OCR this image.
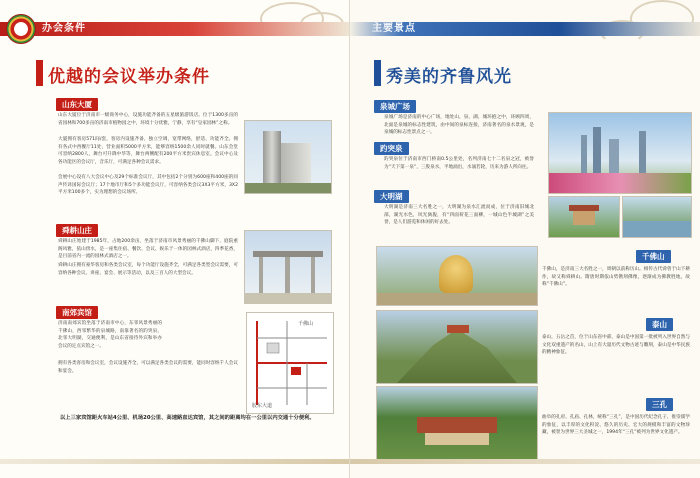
办会条件
优越的会议举办条件
山东大厦
山东大厦位于济南市一级商务中心，设施功能齐备的五星级旅游饭店。位于1300多亩的省园林和700多亩的济南市植物园之中，环境十分优雅，宁静，享有“皇家园林”之称。
大厦拥有客房571间/套，客房内设施齐备，独立空调，宽带网络，舒适、功能齐全。拥有各式中西餐厅11处，营业面积5000平方米，能够容纳1500余人同时就餐。山东会堂可容纳2800人，舞台可升降中华等，舞台两侧配有200平方米贵宾休息室。会议中心及各功能区的会议厅，音乐厅，可满足各种会议需求。
会展中心设有八大会议中心及29个标准会议厅，其中包括2个分别为600座和400座的同声传译国际会议厅；17个地市厅和5个多功能会议厅，可容纳各类会议3X3平方米，3X2平方米100多个，实为理想的会议场所。
舜耕山庄
舜耕山庄始建于1985年，占地200余亩，坐落于济南市风景秀丽的千佛山脚下，庭院重阁风雅，依山傍水，是一座集住宿、餐饮、会议、娱乐于一体的园林式酒店，四季花香，是目前省内一流的园林式酒店之一。
舜耕山庄拥有豪华客房和各类会议室，每个功能厅设施齐全，可满足各类型会议需要，可容纳各种会议、讲座、宴会、展示等活动，以及三百人的大型会议。
南郊宾馆
济南南郊宾馆坐落于济南市中心，东邻风景秀丽的千佛山，西邻繁华的泉城路，南靠著名的趵突泉，北邻大明湖，交通便利，是山东省接待外宾和举办会议的定点宾馆之一。
拥有各类客房和会议室，会议设施齐全，可以满足各类会议的需要，能同时容纳千人会议和宴会。
以上三家宾馆距火车站4公里、机场20公里、高速路直达宾馆，其之间的距离均在一公里以内交通十分便利。
主要景点
秀美的齐鲁风光
泉城广场
泉城广场是济南的中心广场，地处山、泉、湖、城环抱之中，环顾四周，北面是泉城的标志性建筑，由中间的泉标连接，济南著名的泉水景观，是泉城的标志性景点之一。
趵突泉
趵突泉位于济南市西门桥南0.5公里处，名列济南七十二名泉之冠，被誉为“天下第一泉”，三股泉水，平地涌出，水涌若轮，历来为游人所向往。
大明湖
大明湖是济南三大名胜之一，大明湖为泉水汇流而成，位于济南旧城北部，湖光水色，风光旖旎，有“四面荷花三面柳，一城山色半城湖”之美誉，是人们游览和休闲的好去处。
千佛山
千佛山，是济南三大名胜之一，周朝以前称历山。相传古代舜曾于山下耕作，故又称舜耕山。隋唐时期依山势镌刻佛像，逐渐成为佛教胜地，故称“千佛山”。
泰山
泰山，五岳之首，位于山东省中部，泰山是中国第一批被列入世界自然与文化双重遗产的名山，山上有大量历代文物古迹与雕刻，泰山是中华民族的精神象征。
三孔
曲阜的孔府、孔庙、孔林，统称“三孔”，是中国历代纪念孔子、推崇儒学的象征，以丰厚的文化积淀、悠久的历史、宏大的规模和丰富的文物珍藏，被誉为世界三大圣城之一，1994年“三孔”被列为世界文化遗产。
胶东大道
千佛山
